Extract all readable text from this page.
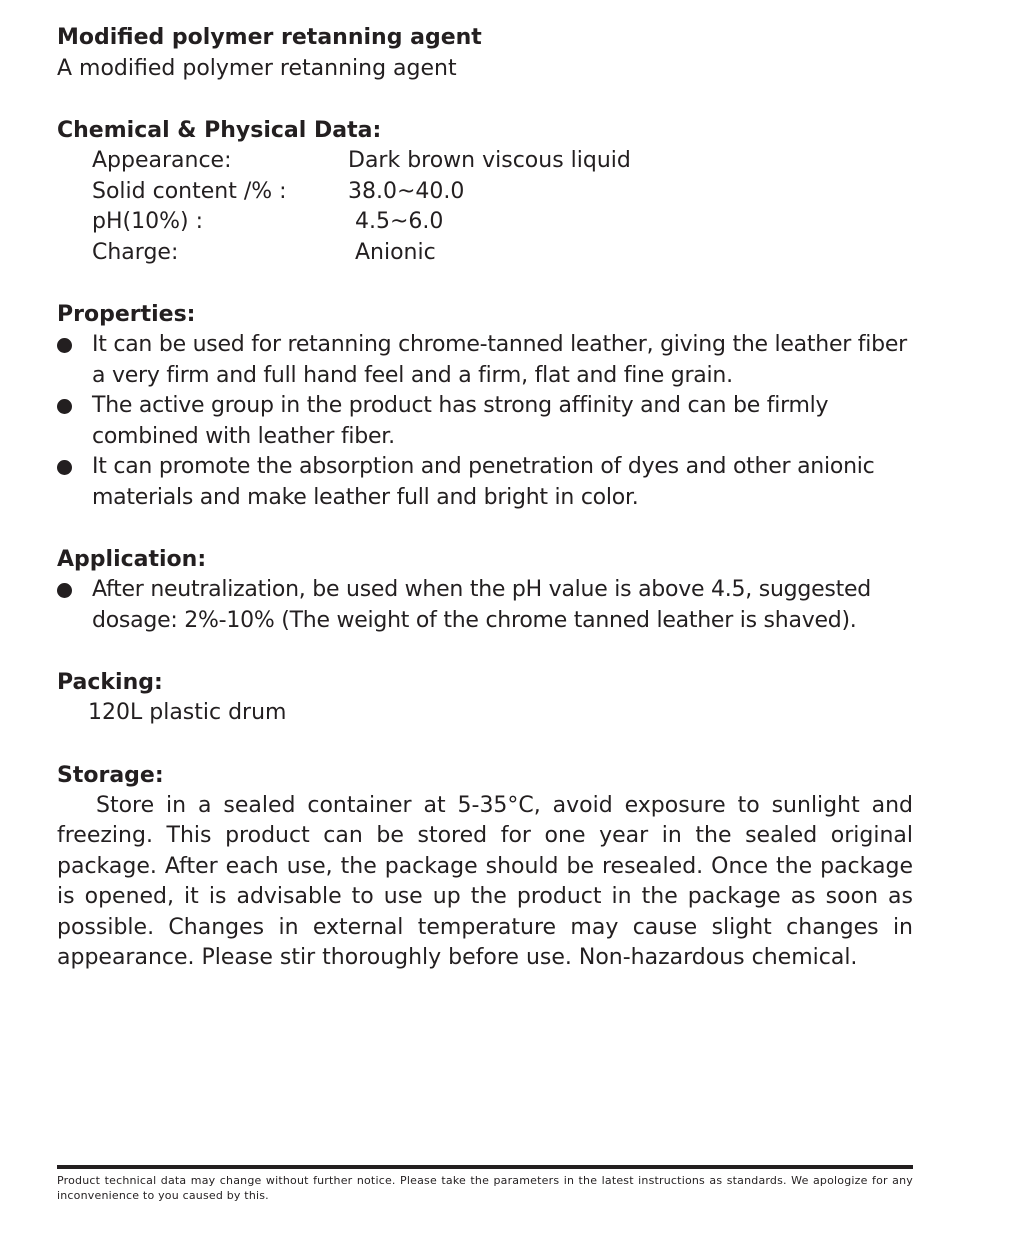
Modified polymer retanning agent

A modified polymer retanning agent

Chemical & Physical Data:

Appearance:	Dark brown viscous liquid
Solid content /% :	38.0~40.0
pH(10%) :	4.5~6.0
Charge:	Anionic

Properties:

It can be used for retanning chrome-tanned leather, giving the leather fiber a very firm and full hand feel and a firm, flat and fine grain.
The active group in the product has strong affinity and can be firmly combined with leather fiber.
It can promote the absorption and penetration of dyes and other anionic materials and make leather full and bright in color.

Application:

After neutralization, be used when the pH value is above 4.5, suggested dosage: 2%-10% (The weight of the chrome tanned leather is shaved).

Packing:

120L plastic drum

Storage:

Store in a sealed container at 5-35°C, avoid exposure to sunlight and freezing. This product can be stored for one year in the sealed original package. After each use, the package should be resealed. Once the package is opened, it is advisable to use up the product in the package as soon as possible. Changes in external temperature may cause slight changes in appearance. Please stir thoroughly before use. Non-hazardous chemical.

Product technical data may change without further notice. Please take the parameters in the latest instructions as standards. We apologize for any inconvenience to you caused by this.
